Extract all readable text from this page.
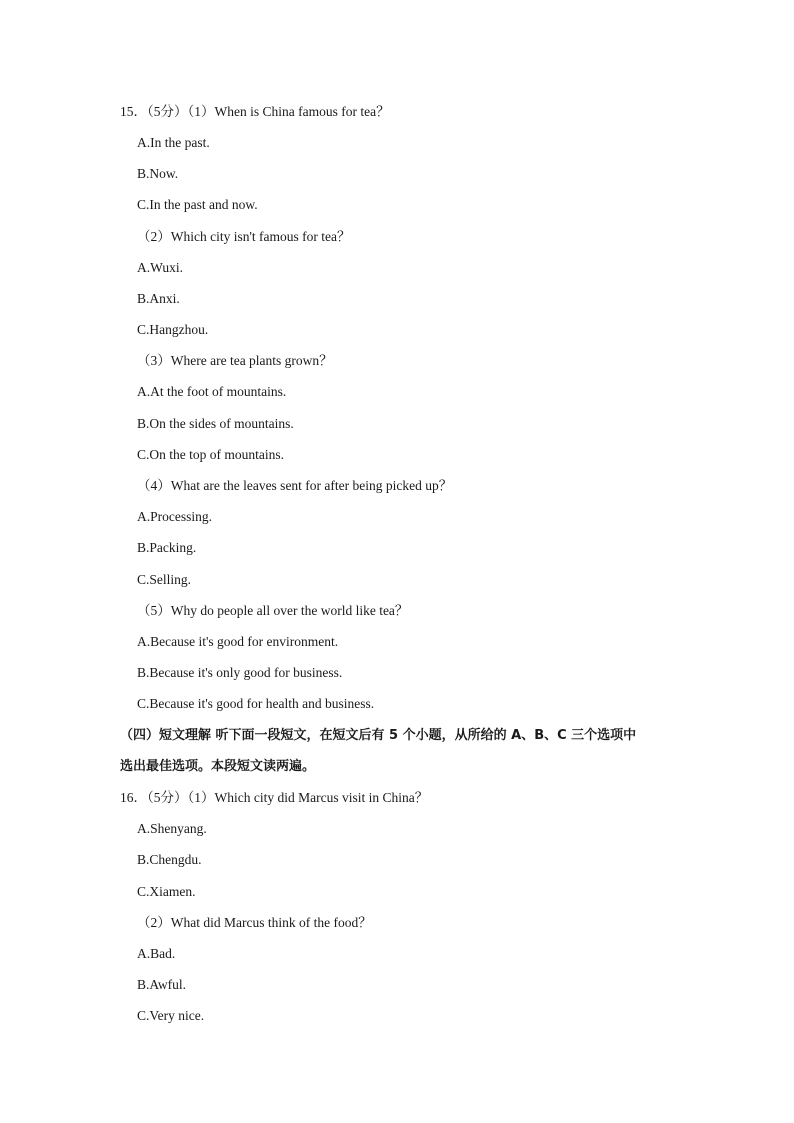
15．（5分）（1）When is China famous for tea？
A.In the past.
B.Now.
C.In the past and now.
（2）Which city isn't famous for tea？
A.Wuxi.
B.Anxi.
C.Hangzhou.
（3）Where are tea plants grown？
A.At the foot of mountains.
B.On the sides of mountains.
C.On the top of mountains.
（4）What are the leaves sent for after being picked up？
A.Processing.
B.Packing.
C.Selling.
（5）Why do people all over the world like tea？
A.Because it's good for environment.
B.Because it's only good for business.
C.Because it's good for health and business.
（四）短文理解 听下面一段短文，在短文后有 5 个小题，从所给的 A、B、C 三个选项中
选出最佳选项。本段短文读两遍。
16．（5分）（1）Which city did Marcus visit in China？
A.Shenyang.
B.Chengdu.
C.Xiamen.
（2）What did Marcus think of the food？
A.Bad.
B.Awful.
C.Very nice.
